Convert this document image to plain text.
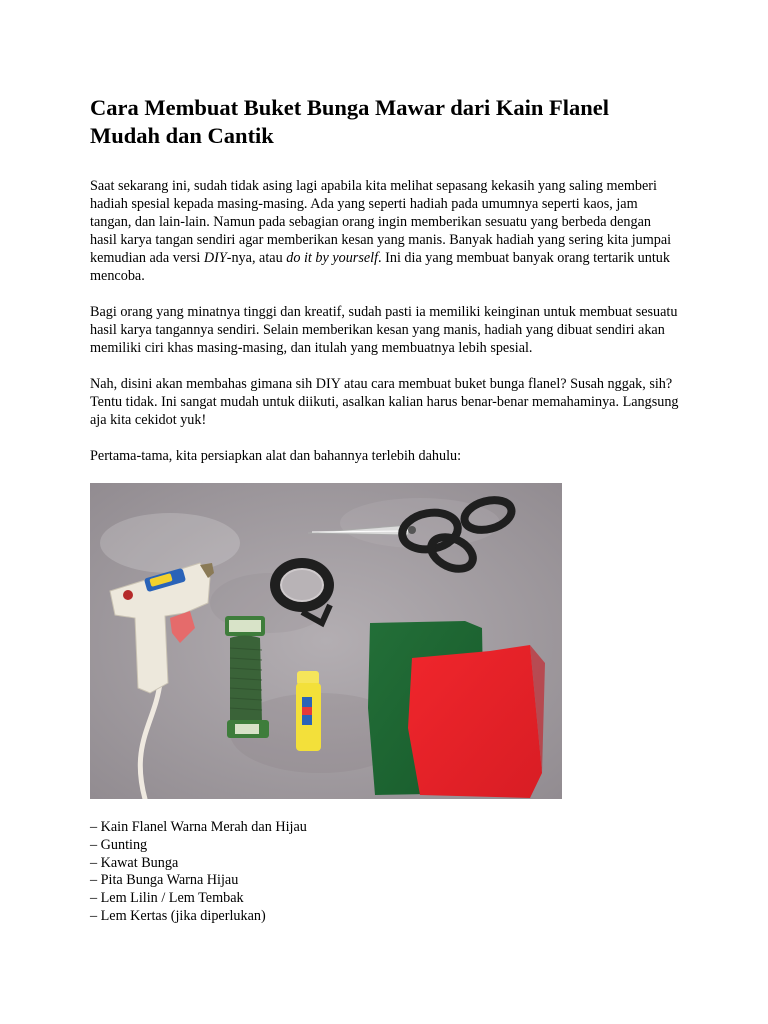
Cara Membuat Buket Bunga Mawar dari Kain Flanel Mudah dan Cantik

Saat sekarang ini, sudah tidak asing lagi apabila kita melihat sepasang kekasih yang saling memberi hadiah spesial kepada masing-masing. Ada yang seperti hadiah pada umumnya seperti kaos, jam tangan, dan lain-lain. Namun pada sebagian orang ingin memberikan sesuatu yang berbeda dengan hasil karya tangan sendiri agar memberikan kesan yang manis. Banyak hadiah yang sering kita jumpai kemudian ada versi DIY-nya, atau do it by yourself. Ini dia yang membuat banyak orang tertarik untuk mencoba.

Bagi orang yang minatnya tinggi dan kreatif, sudah pasti ia memiliki keinginan untuk membuat sesuatu hasil karya tangannya sendiri. Selain memberikan kesan yang manis, hadiah yang dibuat sendiri akan memiliki ciri khas masing-masing, dan itulah yang membuatnya lebih spesial.

Nah, disini akan membahas gimana sih DIY atau cara membuat buket bunga flanel? Susah nggak, sih? Tentu tidak. Ini sangat mudah untuk diikuti, asalkan kalian harus benar-benar memahaminya. Langsung aja kita cekidot yuk!

Pertama-tama, kita persiapkan alat dan bahannya terlebih dahulu:

– Kain Flanel Warna Merah dan Hijau
– Gunting
– Kawat Bunga
– Pita Bunga Warna Hijau
– Lem Lilin / Lem Tembak
– Lem Kertas (jika diperlukan)
